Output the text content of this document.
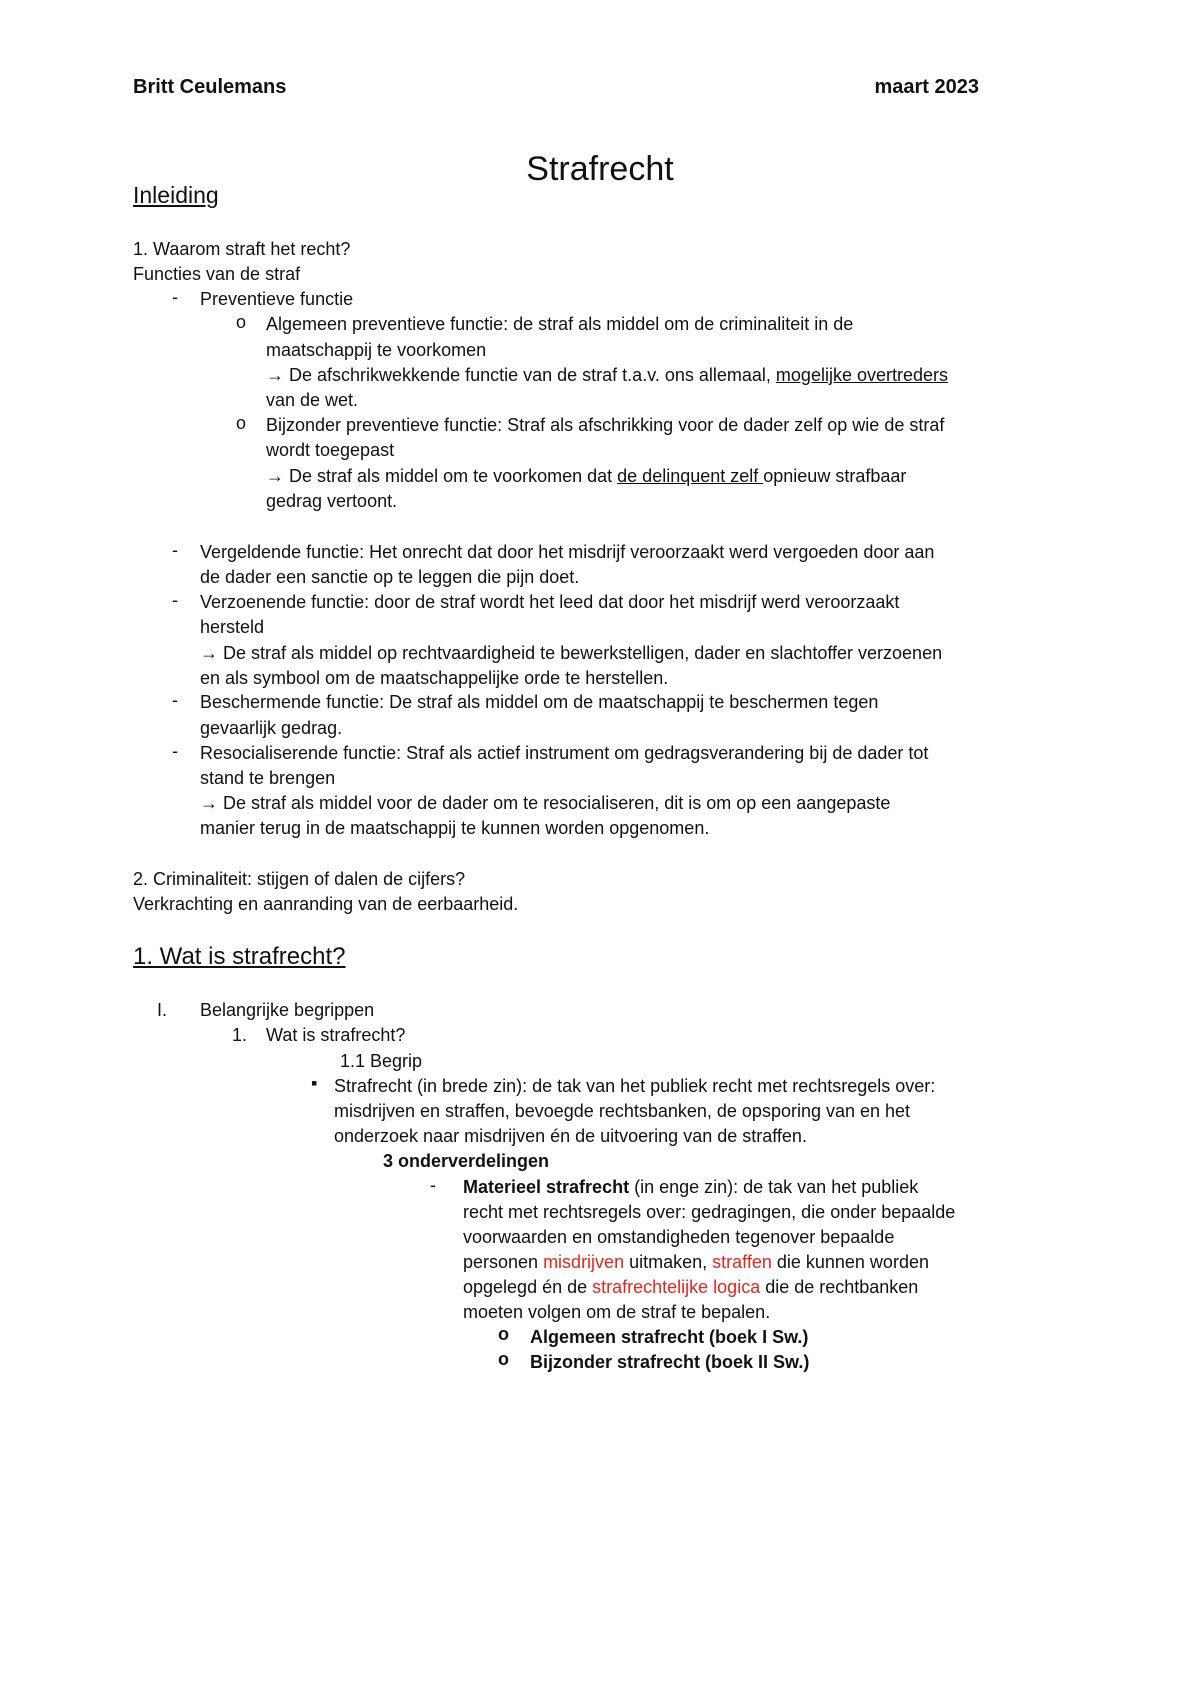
Britt Ceulemans	maart 2023
Strafrecht
Inleiding
1. Waarom straft het recht?
Functies van de straf
- Preventieve functie
o Algemeen preventieve functie: de straf als middel om de criminaliteit in de
maatschappij te voorkomen
→ De afschrikwekkende functie van de straf t.a.v. ons allemaal, mogelijke overtreders
van de wet.
o Bijzonder preventieve functie: Straf als afschrikking voor de dader zelf op wie de straf
wordt toegepast
→ De straf als middel om te voorkomen dat de delinquent zelf opnieuw strafbaar
gedrag vertoont.
- Vergeldende functie: Het onrecht dat door het misdrijf veroorzaakt werd vergoeden door aan
de dader een sanctie op te leggen die pijn doet.
- Verzoenende functie: door de straf wordt het leed dat door het misdrijf werd veroorzaakt
hersteld
→ De straf als middel op rechtvaardigheid te bewerkstelligen, dader en slachtoffer verzoenen
en als symbool om de maatschappelijke orde te herstellen.
- Beschermende functie: De straf als middel om de maatschappij te beschermen tegen
gevaarlijk gedrag.
- Resocialiserende functie: Straf als actief instrument om gedragsverandering bij de dader tot
stand te brengen
→ De straf als middel voor de dader om te resocialiseren, dit is om op een aangepaste
manier terug in de maatschappij te kunnen worden opgenomen.
2. Criminaliteit: stijgen of dalen de cijfers?
Verkrachting en aanranding van de eerbaarheid.
1. Wat is strafrecht?
I. Belangrijke begrippen
1. Wat is strafrecht?
1.1 Begrip
▪ Strafrecht (in brede zin): de tak van het publiek recht met rechtsregels over:
misdrijven en straffen, bevoegde rechtsbanken, de opsporing van en het
onderzoek naar misdrijven én de uitvoering van de straffen.
3 onderverdelingen
- Materieel strafrecht (in enge zin): de tak van het publiek
recht met rechtsregels over: gedragingen, die onder bepaalde
voorwaarden en omstandigheden tegenover bepaalde
personen misdrijven uitmaken, straffen die kunnen worden
opgelegd én de strafrechtelijke logica die de rechtbanken
moeten volgen om de straf te bepalen.
o Algemeen strafrecht (boek I Sw.)
o Bijzonder strafrecht (boek II Sw.)
